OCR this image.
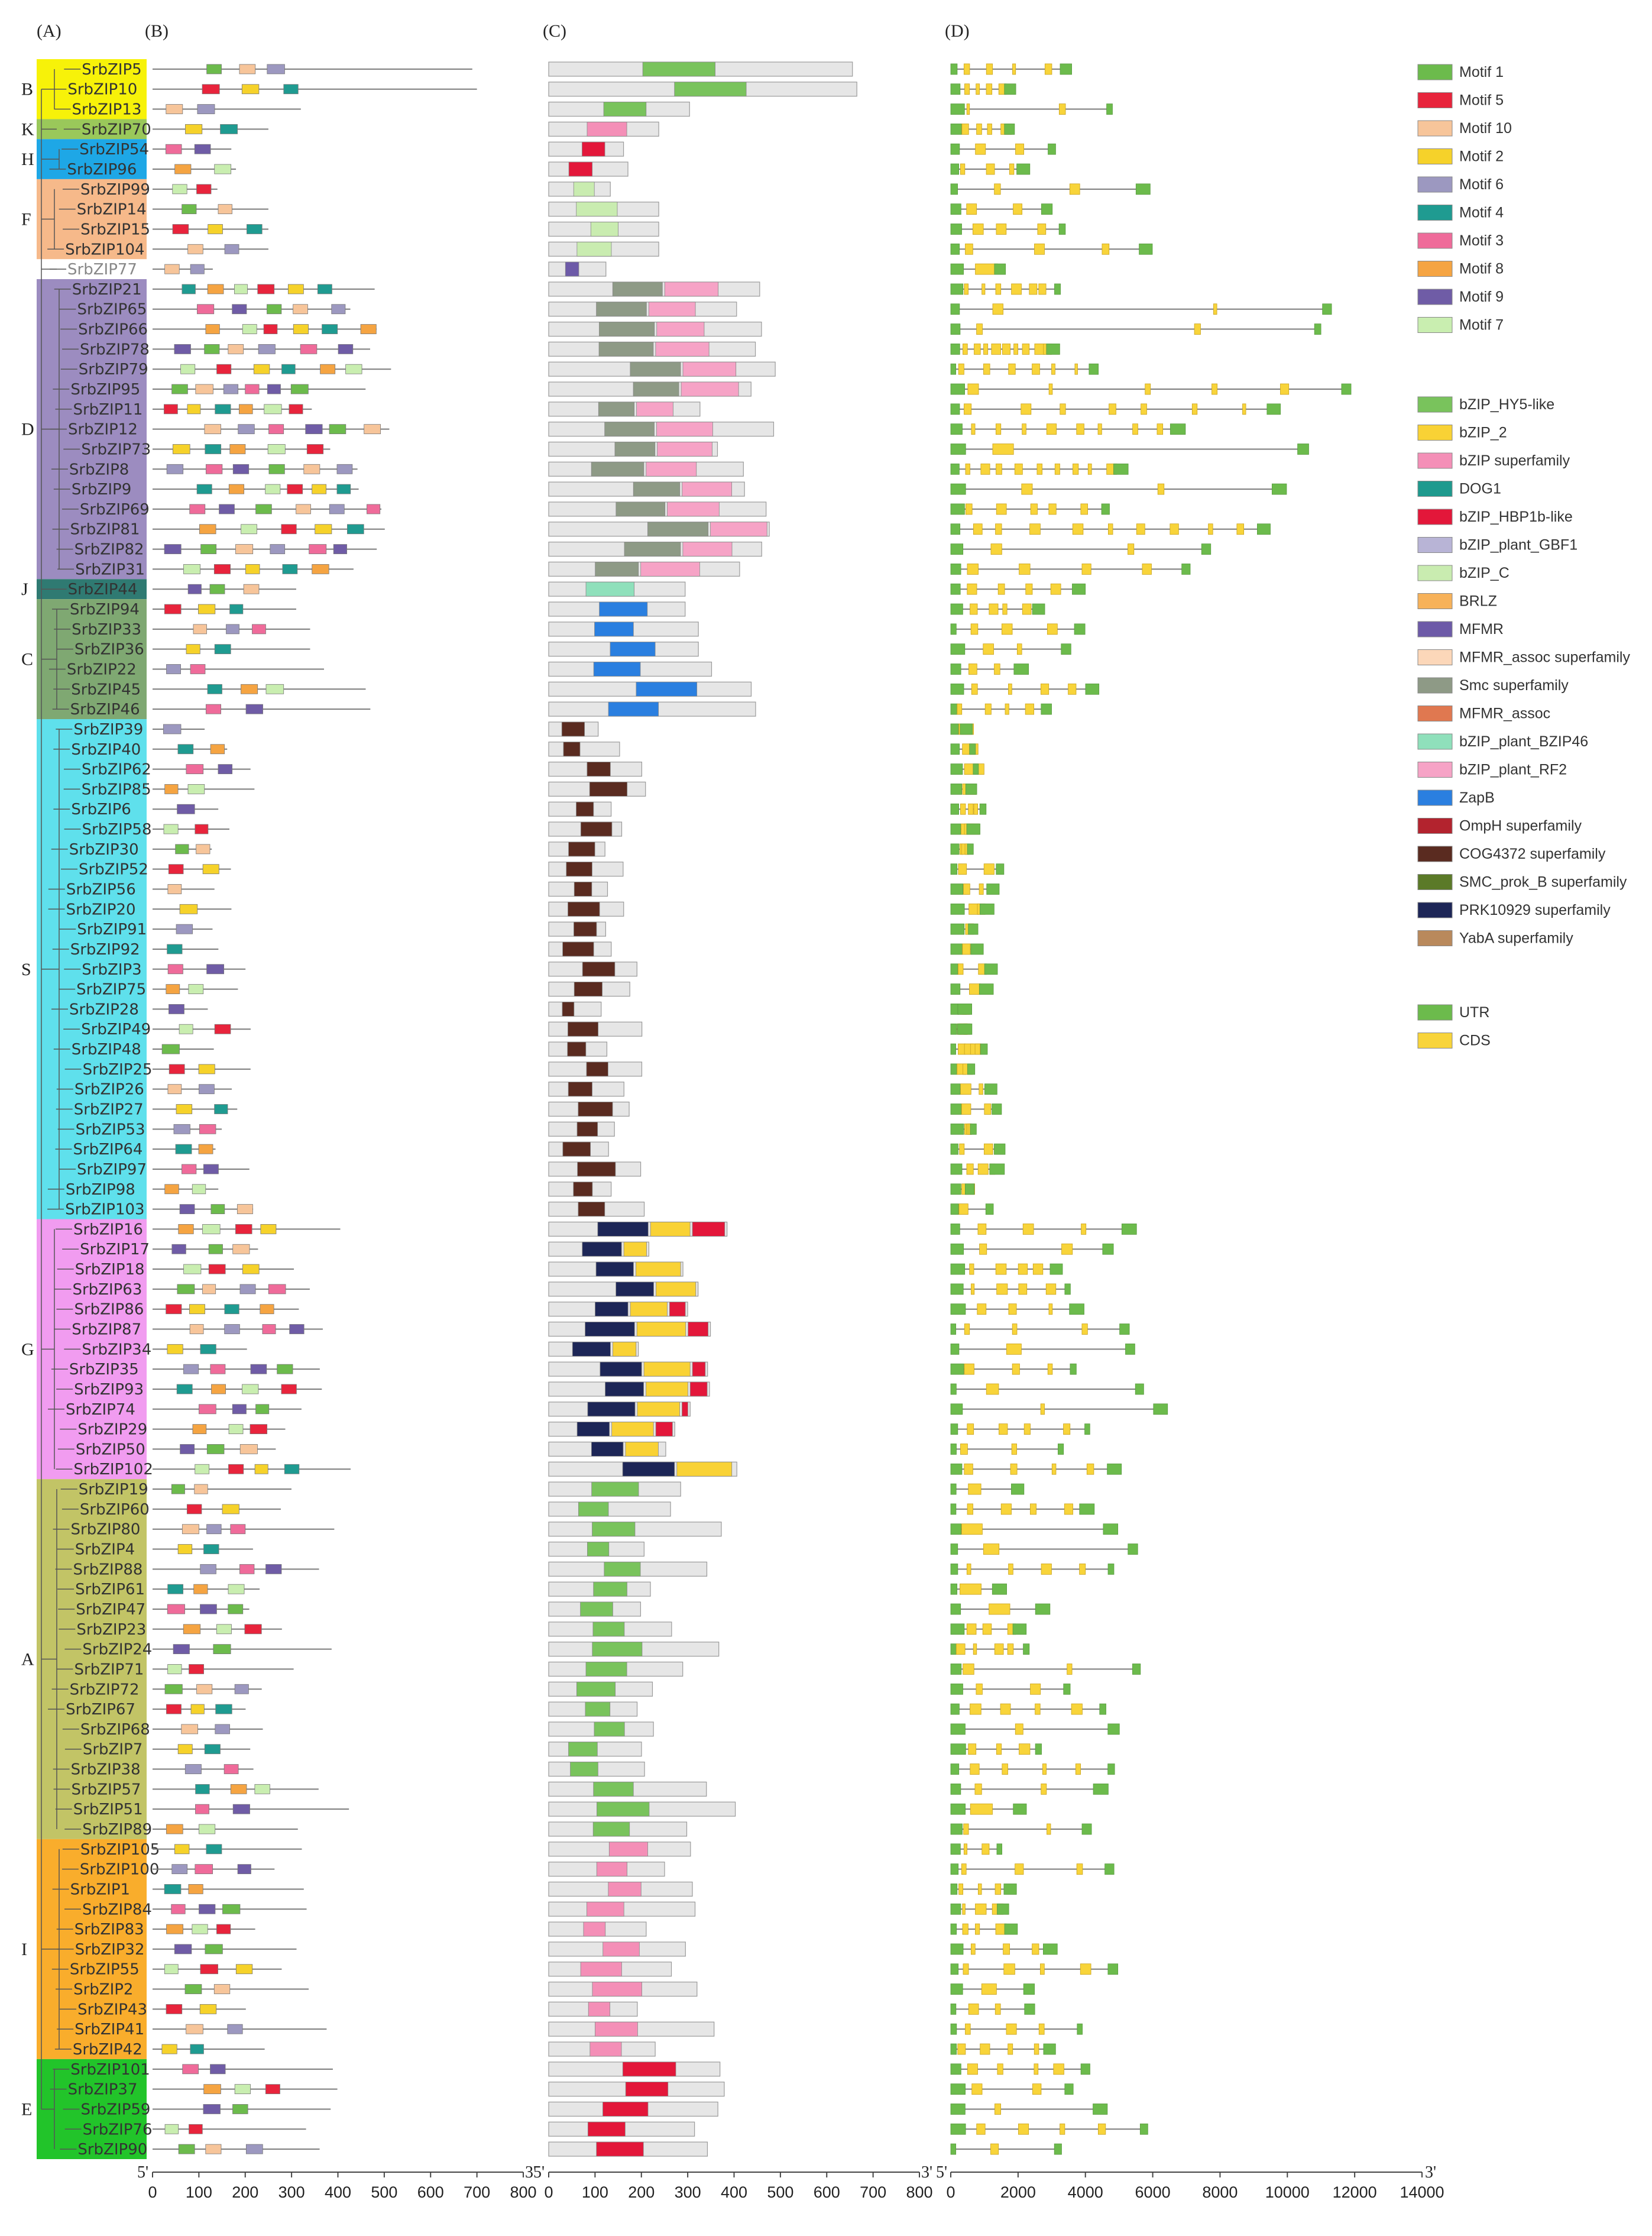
(A)	(B)	(C)	(D)
B
K
H
F
D
J
C
S
G
A
I
E
SrbZIP5
SrbZIP10
SrbZIP13
SrbZIP70
SrbZIP54
SrbZIP96
SrbZIP99
SrbZIP14
SrbZIP15
SrbZIP104
SrbZIP77
SrbZIP21
SrbZIP65
SrbZIP66
SrbZIP78
SrbZIP79
SrbZIP95
SrbZIP11
SrbZIP12
SrbZIP73
SrbZIP8
SrbZIP9
SrbZIP69
SrbZIP81
SrbZIP82
SrbZIP31
SrbZIP44
SrbZIP94
SrbZIP33
SrbZIP36
SrbZIP22
SrbZIP45
SrbZIP46
SrbZIP39
SrbZIP40
SrbZIP62
SrbZIP85
SrbZIP6
SrbZIP58
SrbZIP30
SrbZIP52
SrbZIP56
SrbZIP20
SrbZIP91
SrbZIP92
SrbZIP3
SrbZIP75
SrbZIP28
SrbZIP49
SrbZIP48
SrbZIP25
SrbZIP26
SrbZIP27
SrbZIP53
SrbZIP64
SrbZIP97
SrbZIP98
SrbZIP103
SrbZIP16
SrbZIP17
SrbZIP18
SrbZIP63
SrbZIP86
SrbZIP87
SrbZIP34
SrbZIP35
SrbZIP93
SrbZIP74
SrbZIP29
SrbZIP50
SrbZIP102
SrbZIP19
SrbZIP60
SrbZIP80
SrbZIP4
SrbZIP88
SrbZIP61
SrbZIP47
SrbZIP23
SrbZIP24
SrbZIP71
SrbZIP72
SrbZIP67
SrbZIP68
SrbZIP7
SrbZIP38
SrbZIP57
SrbZIP51
SrbZIP89
SrbZIP105
SrbZIP100
SrbZIP1
SrbZIP84
SrbZIP83
SrbZIP32
SrbZIP55
SrbZIP2
SrbZIP43
SrbZIP41
SrbZIP42
SrbZIP101
SrbZIP37
SrbZIP59
SrbZIP76
SrbZIP90
5'	3'
0 100 200 300 400 500 600 700 800
5'	3'
0 100 200 300 400 500 600 700 800
5'	3'
0	2000 4000 6000 8000 10000 12000 14000
Motif 1
Motif 5
Motif 10
Motif 2
Motif 6
Motif 4
Motif 3
Motif 8
Motif 9
Motif 7
bZIP_HY5-like
bZIP_2
bZIP superfamily
DOG1
bZIP_HBP1b-like
bZIP_plant_GBF1
bZIP_C
BRLZ
MFMR
MFMR_assoc superfamily
Smc superfamily
MFMR_assoc
bZIP_plant_BZIP46
bZIP_plant_RF2
ZapB
OmpH superfamily
COG4372 superfamily
SMC_prok_B superfamily
PRK10929 superfamily
YabA superfamily
UTR
CDS
